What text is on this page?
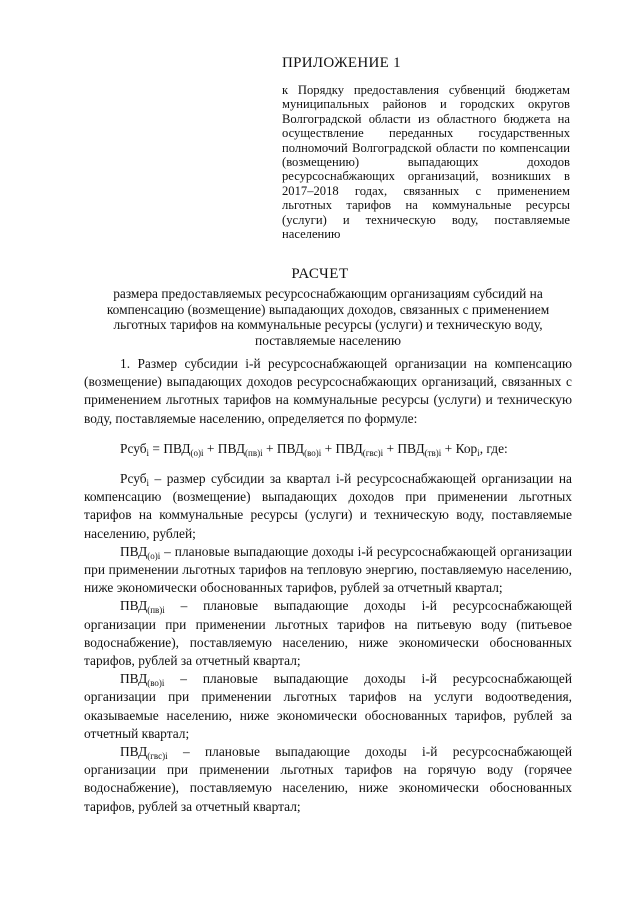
ПРИЛОЖЕНИЕ 1
к Порядку предоставления субвенций бюджетам муниципальных районов и городских округов Волгоградской области из областного бюджета на осуществление переданных государственных полномочий Волгоградской области по компенсации (возмещению) выпадающих доходов ресурсоснабжающих организаций, возникших в 2017–2018 годах, связанных с применением льготных тарифов на коммунальные ресурсы (услуги) и техническую воду, поставляемые населению
РАСЧЕТ
размера предоставляемых ресурсоснабжающим организациям субсидий на компенсацию (возмещение) выпадающих доходов, связанных с применением льготных тарифов на коммунальные ресурсы (услуги) и техническую воду, поставляемые населению

1. Размер субсидии i-й ресурсоснабжающей организации на компенсацию (возмещение) выпадающих доходов ресурсоснабжающих организаций, связанных с применением льготных тарифов на коммунальные ресурсы (услуги) и техническую воду, поставляемые населению, определяется по формуле:

Рсуб$_i$ = $ПВД_{(о)i} + ПВД_{(пв)i} + ПВД_{(во)i} + ПВД_{(гвс)i} + ПВД_{(тв)i} + Кор_i$, где:

Рсуб$_i$ – размер субсидии за квартал i-й ресурсоснабжающей организации на компенсацию (возмещение) выпадающих доходов при применении льготных тарифов на коммунальные ресурсы (услуги) и техническую воду, поставляемые населению, рублей;

$ПВД_{(о)i}$ – плановые выпадающие доходы i-й ресурсоснабжающей организации при применении льготных тарифов на тепловую энергию, поставляемую населению, ниже экономически обоснованных тарифов, рублей за отчетный квартал;

$ПВД_{(пв)i}$ – плановые выпадающие доходы i-й ресурсоснабжающей организации при применении льготных тарифов на питьевую воду (питьевое водоснабжение), поставляемую населению, ниже экономически обоснованных тарифов, рублей за отчетный квартал;

$ПВД_{(во)i}$ – плановые выпадающие доходы i-й ресурсоснабжающей организации при применении льготных тарифов на услуги водоотведения, оказываемые населению, ниже экономически обоснованных тарифов, рублей за отчетный квартал;

$ПВД_{(гвс)i}$ – плановые выпадающие доходы i-й ресурсоснабжающей организации при применении льготных тарифов на горячую воду (горячее водоснабжение), поставляемую населению, ниже экономически обоснованных тарифов, рублей за отчетный квартал;
